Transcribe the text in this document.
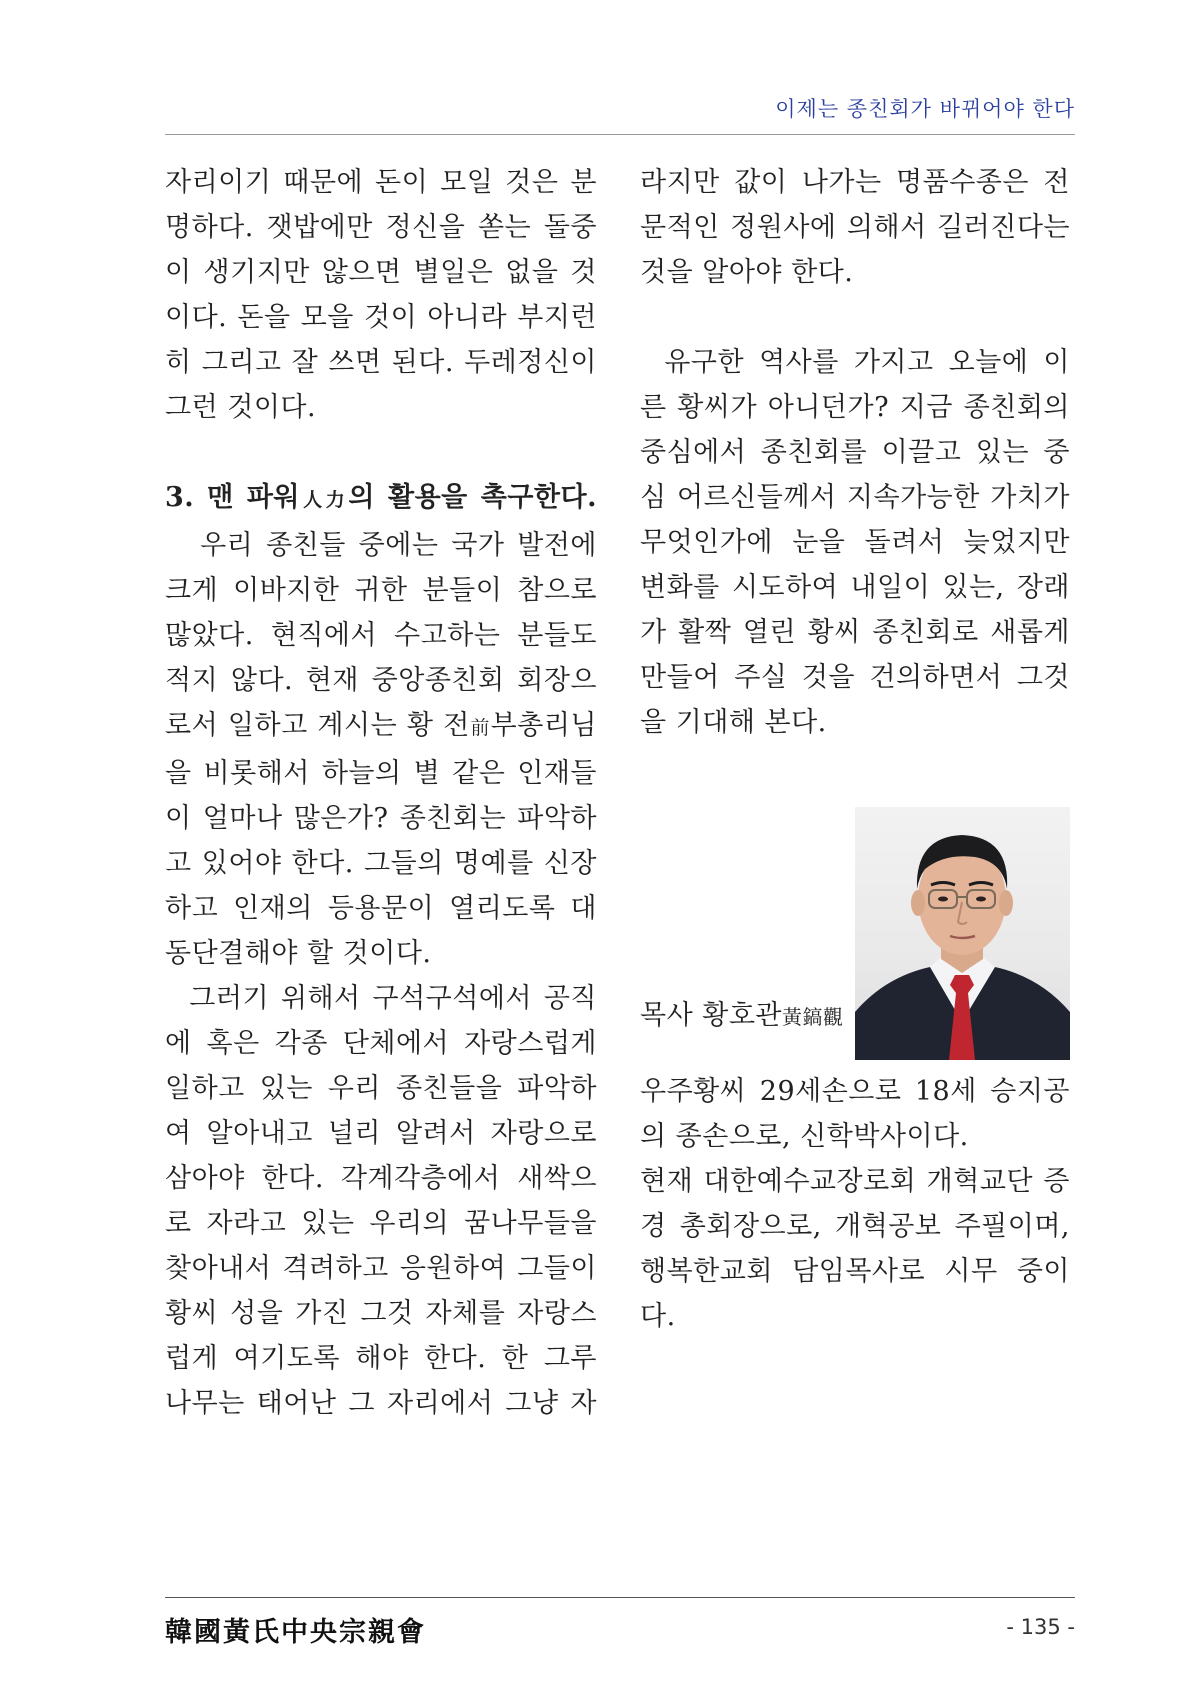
이제는 종친회가 바뀌어야 한다

자리이기 때문에 돈이 모일 것은 분

명하다. 잿밥에만 정신을 쏟는 돌중

이 생기지만 않으면 별일은 없을 것

이다. 돈을 모을 것이 아니라 부지런

히 그리고 잘 쓰면 된다. 두레정신이

그런 것이다.

3. 맨 파워人力의 활용을 촉구한다.

우리 종친들 중에는 국가 발전에

크게 이바지한 귀한 분들이 참으로

많았다. 현직에서 수고하는 분들도

적지 않다. 현재 중앙종친회 회장으

로서 일하고 계시는 황 전前부총리님

을 비롯해서 하늘의 별 같은 인재들

이 얼마나 많은가? 종친회는 파악하

고 있어야 한다. 그들의 명예를 신장

하고 인재의 등용문이 열리도록 대

동단결해야 할 것이다.

그러기 위해서 구석구석에서 공직

에 혹은 각종 단체에서 자랑스럽게

일하고 있는 우리 종친들을 파악하

여 알아내고 널리 알려서 자랑으로

삼아야 한다. 각계각층에서 새싹으

로 자라고 있는 우리의 꿈나무들을

찾아내서 격려하고 응원하여 그들이

황씨 성을 가진 그것 자체를 자랑스

럽게 여기도록 해야 한다. 한 그루

나무는 태어난 그 자리에서 그냥 자

라지만 값이 나가는 명품수종은 전

문적인 정원사에 의해서 길러진다는

것을 알아야 한다.

유구한 역사를 가지고 오늘에 이

른 황씨가 아니던가? 지금 종친회의

중심에서 종친회를 이끌고 있는 중

심 어르신들께서 지속가능한 가치가

무엇인가에 눈을 돌려서 늦었지만

변화를 시도하여 내일이 있는, 장래

가 활짝 열린 황씨 종친회로 새롭게

만들어 주실 것을 건의하면서 그것

을 기대해 본다.

목사 황호관黃鎬觀

우주황씨 29세손으로 18세 승지공

의 종손으로, 신학박사이다.

현재 대한예수교장로회 개혁교단 증

경 총회장으로, 개혁공보 주필이며,

행복한교회 담임목사로 시무 중이

다.

韓國黃氏中央宗親會	- 135 -
